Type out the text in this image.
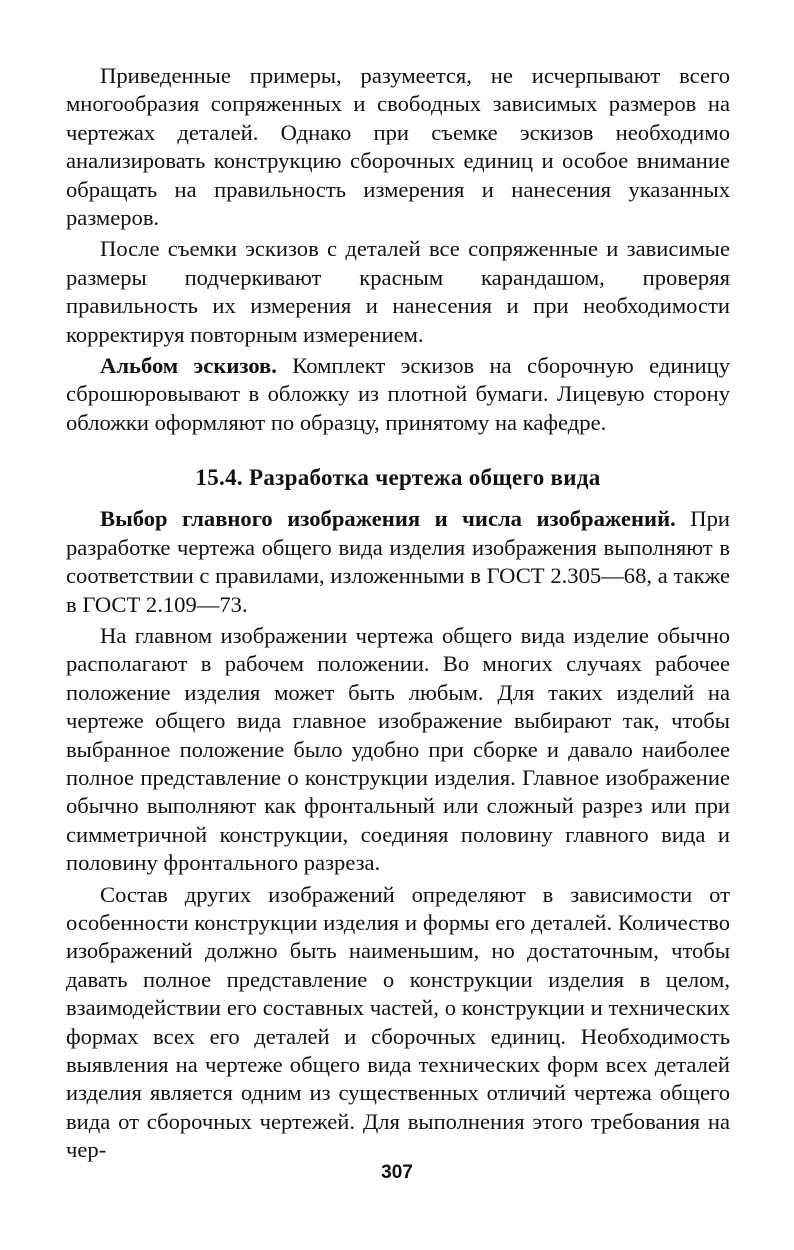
Приведенные примеры, разумеется, не исчерпывают всего многообразия сопряженных и свободных зависимых размеров на чертежах деталей. Однако при съемке эскизов необходимо анализировать конструкцию сборочных единиц и особое внимание обращать на правильность измерения и нанесения указанных размеров.

После съемки эскизов с деталей все сопряженные и зависимые размеры подчеркивают красным карандашом, проверяя правильность их измерения и нанесения и при необходимости корректируя повторным измерением.

Альбом эскизов. Комплект эскизов на сборочную единицу сброшюровывают в обложку из плотной бумаги. Лицевую сторону обложки оформляют по образцу, принятому на кафедре.

15.4. Разработка чертежа общего вида

Выбор главного изображения и числа изображений. При разработке чертежа общего вида изделия изображения выполняют в соответствии с правилами, изложенными в ГОСТ 2.305—68, а также в ГОСТ 2.109—73.

На главном изображении чертежа общего вида изделие обычно располагают в рабочем положении. Во многих случаях рабочее положение изделия может быть любым. Для таких изделий на чертеже общего вида главное изображение выбирают так, чтобы выбранное положение было удобно при сборке и давало наиболее полное представление о конструкции изделия. Главное изображение обычно выполняют как фронтальный или сложный разрез или при симметричной конструкции, соединяя половину главного вида и половину фронтального разреза.

Состав других изображений определяют в зависимости от особенности конструкции изделия и формы его деталей. Количество изображений должно быть наименьшим, но достаточным, чтобы давать полное представление о конструкции изделия в целом, взаимодействии его составных частей, о конструкции и технических формах всех его деталей и сборочных единиц. Необходимость выявления на чертеже общего вида технических форм всех деталей изделия является одним из существенных отличий чертежа общего вида от сборочных чертежей. Для выполнения этого требования на чер-

307
